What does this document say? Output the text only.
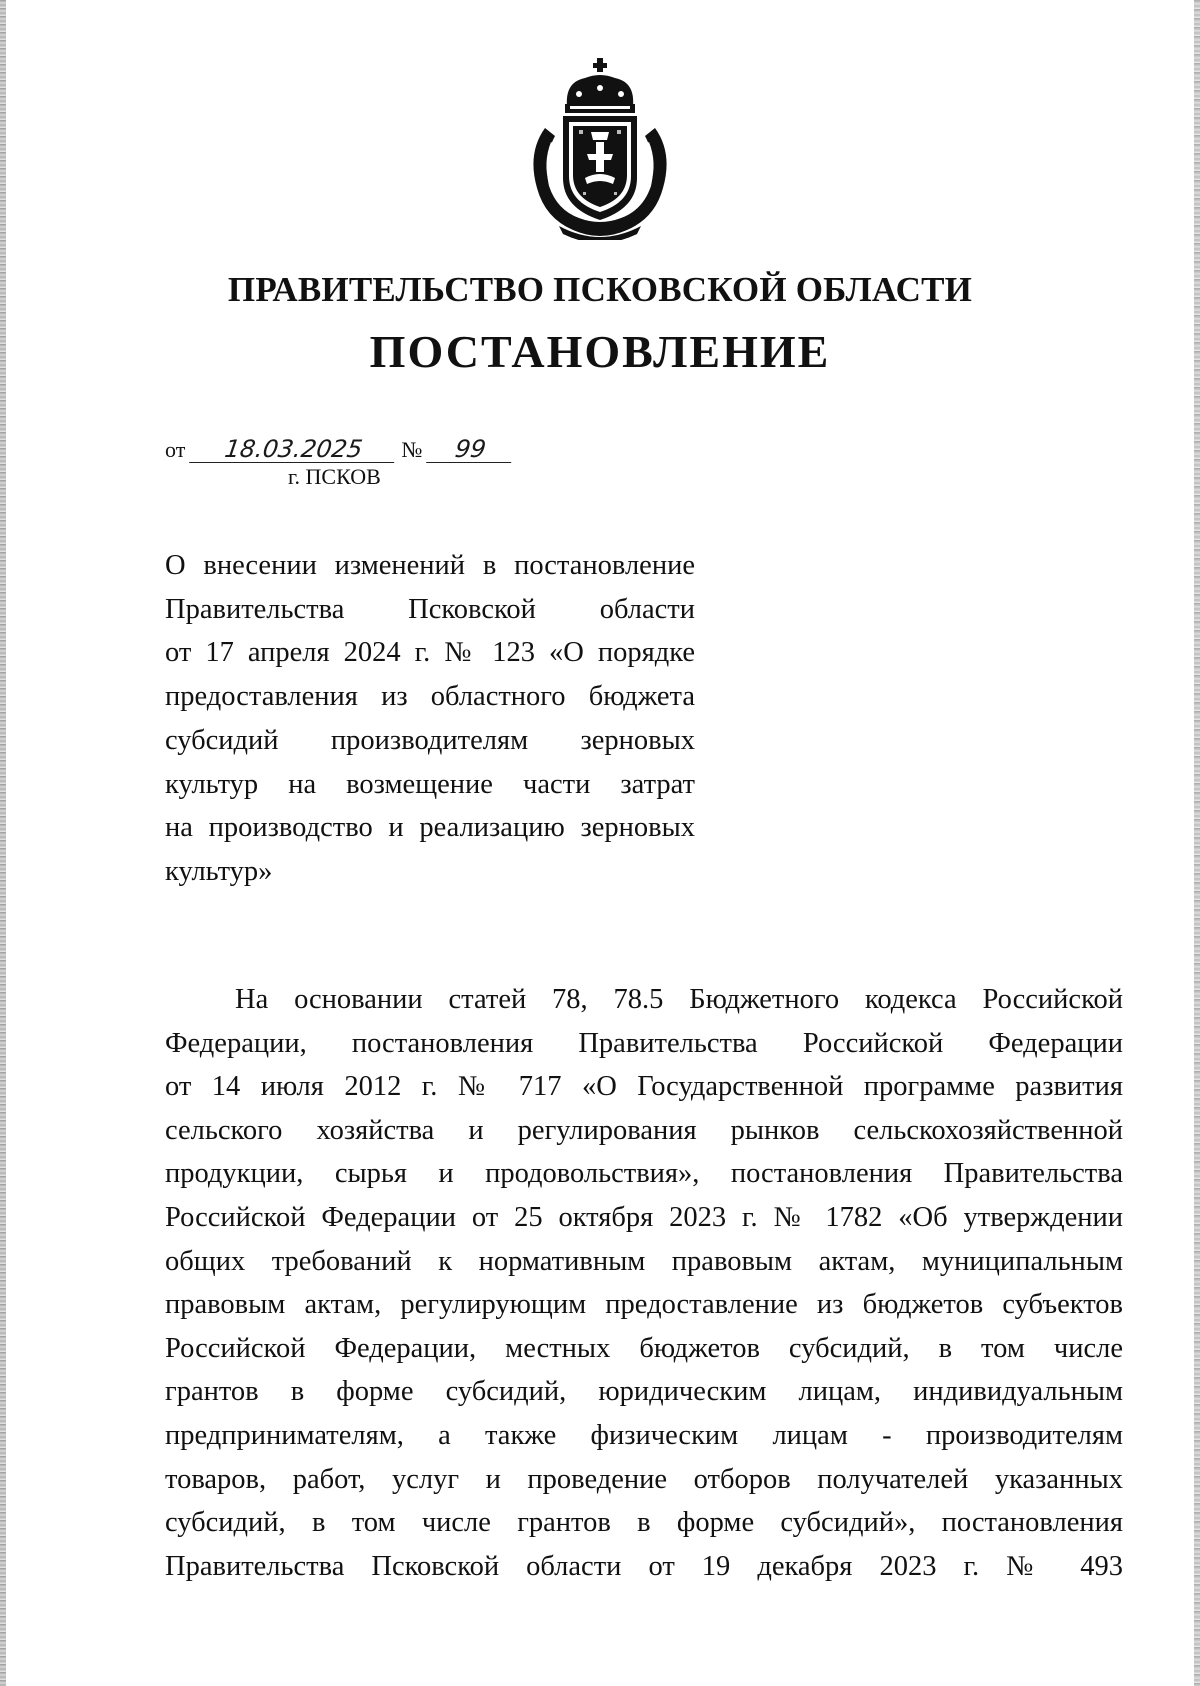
ПРАВИТЕЛЬСТВО ПСКОВСКОЙ ОБЛАСТИ
ПОСТАНОВЛЕНИЕ
от 18.03.2025 № 99
г. ПСКОВ
О внесении изменений в постановление
Правительства Псковской области
от 17 апреля 2024 г. № 123 «О порядке
предоставления из областного бюджета
субсидий производителям зерновых
культур на возмещение части затрат
на производство и реализацию зерновых
культур»
На основании статей 78, 78.5 Бюджетного кодекса Российской
Федерации, постановления Правительства Российской Федерации
от 14 июля 2012 г. № 717 «О Государственной программе развития
сельского хозяйства и регулирования рынков сельскохозяйственной
продукции, сырья и продовольствия», постановления Правительства
Российской Федерации от 25 октября 2023 г. № 1782 «Об утверждении
общих требований к нормативным правовым актам, муниципальным
правовым актам, регулирующим предоставление из бюджетов субъектов
Российской Федерации, местных бюджетов субсидий, в том числе
грантов в форме субсидий, юридическим лицам, индивидуальным
предпринимателям, а также физическим лицам - производителям
товаров, работ, услуг и проведение отборов получателей указанных
субсидий, в том числе грантов в форме субсидий», постановления
Правительства Псковской области от 19 декабря 2023 г. № 493
